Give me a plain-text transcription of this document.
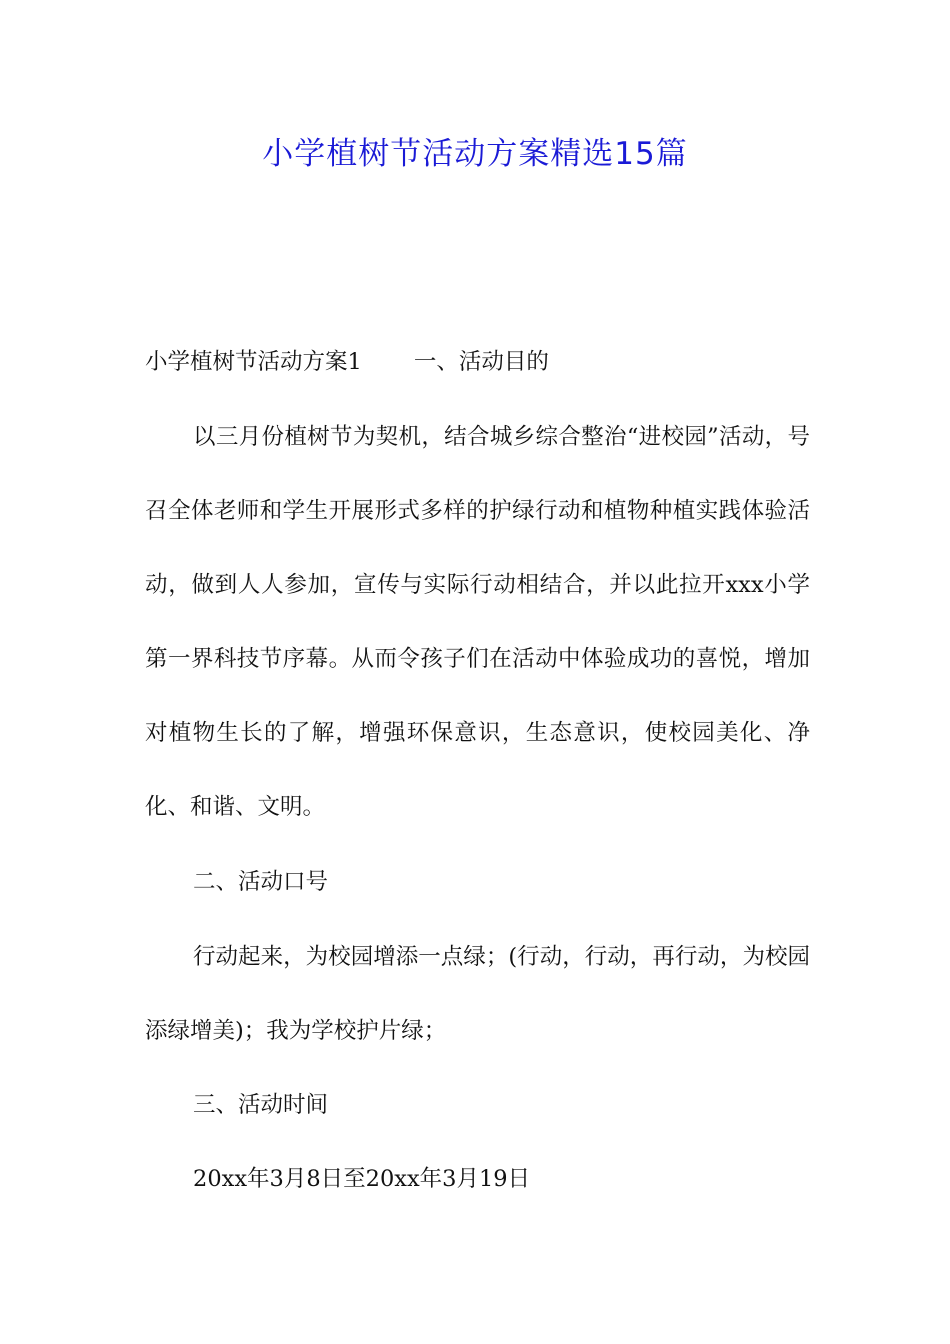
小学植树节活动方案精选15篇

小学植树节活动方案1 一、活动目的

以三月份植树节为契机，结合城乡综合整治“进校园”活动，号召全体老师和学生开展形式多样的护绿行动和植物种植实践体验活动，做到人人参加，宣传与实际行动相结合，并以此拉开xxx小学第一界科技节序幕。从而令孩子们在活动中体验成功的喜悦，增加对植物生长的了解，增强环保意识，生态意识，使校园美化、净化、和谐、文明。

二、活动口号

行动起来，为校园增添一点绿；(行动，行动，再行动，为校园添绿增美)；我为学校护片绿；

三、活动时间

20xx年3月8日至20xx年3月19日
